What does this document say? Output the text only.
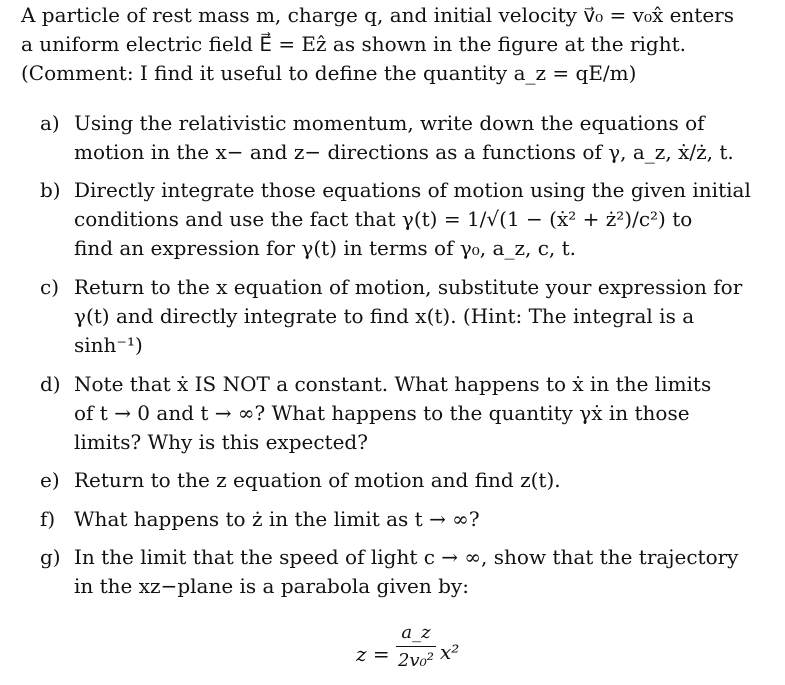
A particle of rest mass m, charge q, and initial velocity v⃗₀ = v₀x̂ enters
a uniform electric field E⃗ = Eẑ as shown in the figure at the right.
(Comment: I find it useful to define the quantity a_z = qE/m)
a) Using the relativistic momentum, write down the equations of
motion in the x− and z− directions as a functions of γ, a_z, ẋ/ż, t.
b) Directly integrate those equations of motion using the given initial
conditions and use the fact that γ(t) = 1/√(1 − (ẋ² + ż²)/c²) to
find an expression for γ(t) in terms of γ₀, a_z, c, t.
c) Return to the x equation of motion, substitute your expression for
γ(t) and directly integrate to find x(t). (Hint: The integral is a
sinh⁻¹)
d) Note that ẋ IS NOT a constant. What happens to ẋ in the limits
of t → 0 and t → ∞? What happens to the quantity γẋ in those
limits? Why is this expected?
e) Return to the z equation of motion and find z(t).
f) What happens to ż in the limit as t → ∞?
g) In the limit that the speed of light c → ∞, show that the trajectory
in the xz−plane is a parabola given by:
z =
a_z
2v₀² x²
